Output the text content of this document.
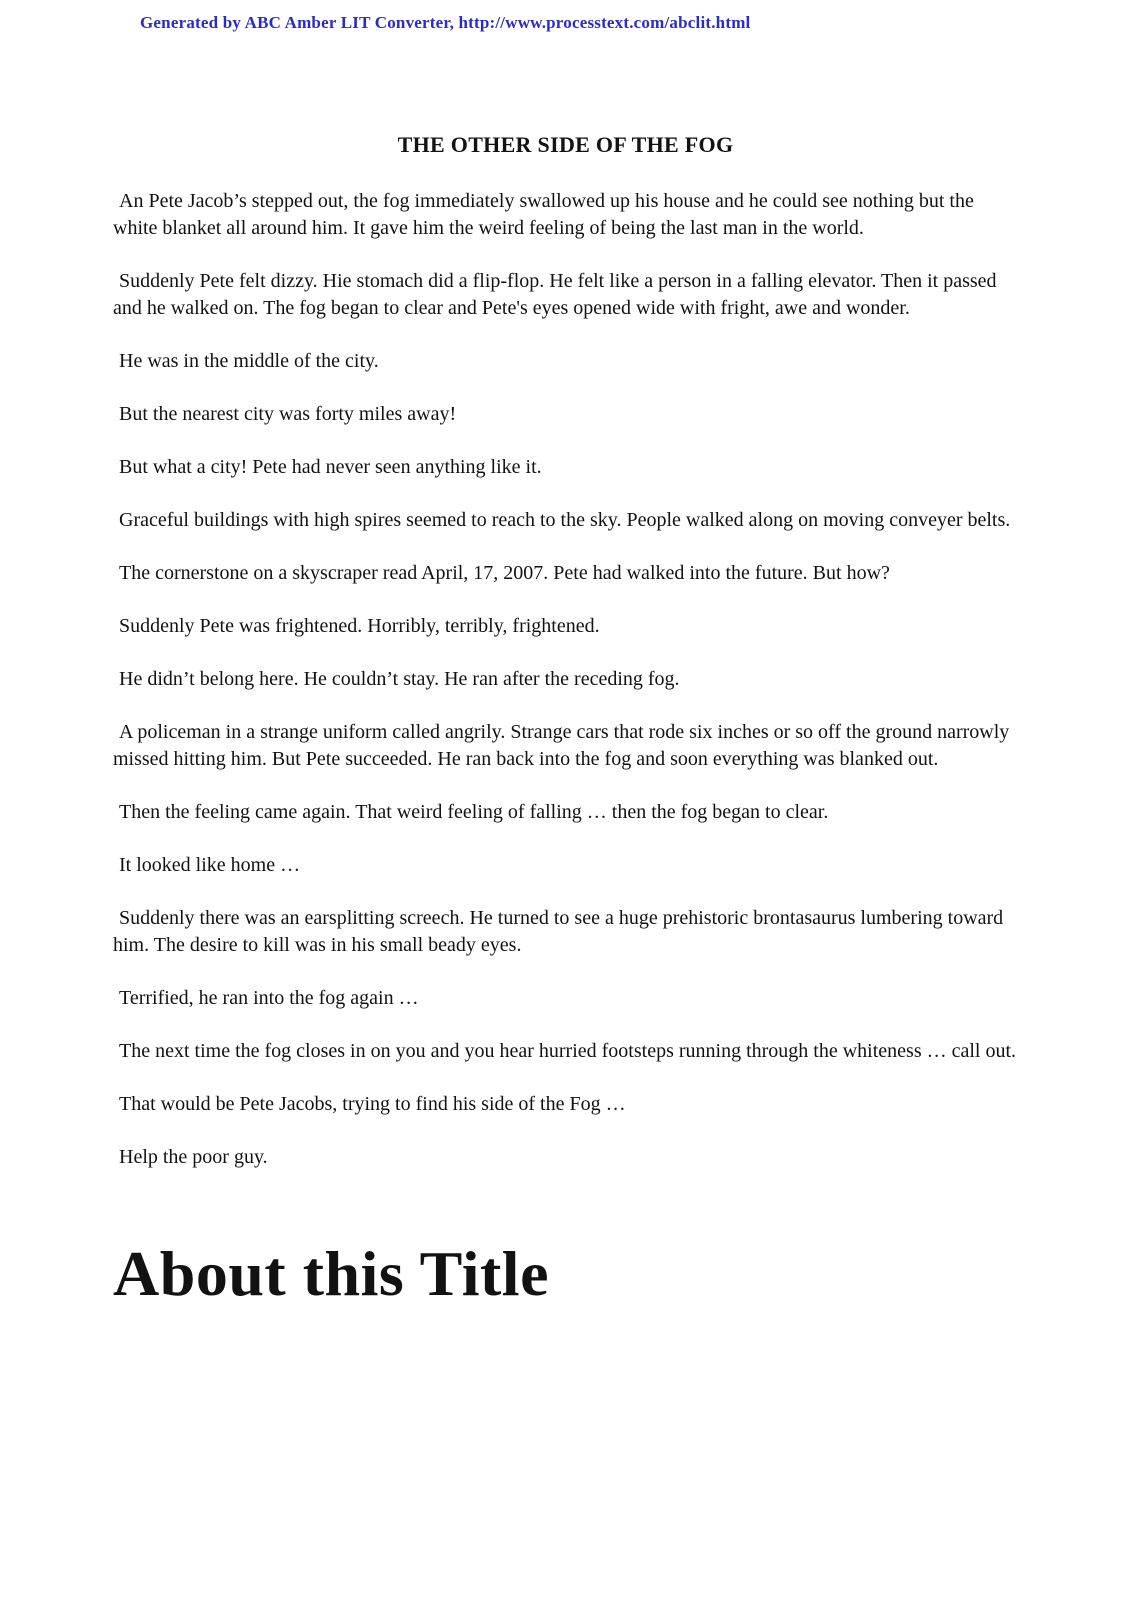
Generated by ABC Amber LIT Converter, http://www.processtext.com/abclit.html
THE OTHER SIDE OF THE FOG

An Pete Jacob’s stepped out, the fog immediately swallowed up his house and he could see nothing but the white blanket all around him. It gave him the weird feeling of being the last man in the world.

Suddenly Pete felt dizzy. Hie stomach did a flip-flop. He felt like a person in a falling elevator. Then it passed and he walked on. The fog began to clear and Pete's eyes opened wide with fright, awe and wonder.

He was in the middle of the city.

But the nearest city was forty miles away!

But what a city! Pete had never seen anything like it.

Graceful buildings with high spires seemed to reach to the sky. People walked along on moving conveyer belts.

The cornerstone on a skyscraper read April, 17, 2007. Pete had walked into the future. But how?

Suddenly Pete was frightened. Horribly, terribly, frightened.

He didn’t belong here. He couldn’t stay. He ran after the receding fog.

A policeman in a strange uniform called angrily. Strange cars that rode six inches or so off the ground narrowly missed hitting him. But Pete succeeded. He ran back into the fog and soon everything was blanked out.

Then the feeling came again. That weird feeling of falling … then the fog began to clear.

It looked like home …

Suddenly there was an earsplitting screech. He turned to see a huge prehistoric brontasaurus lumbering toward him. The desire to kill was in his small beady eyes.

Terrified, he ran into the fog again …

The next time the fog closes in on you and you hear hurried footsteps running through the whiteness … call out.

That would be Pete Jacobs, trying to find his side of the Fog …

Help the poor guy.

About this Title
